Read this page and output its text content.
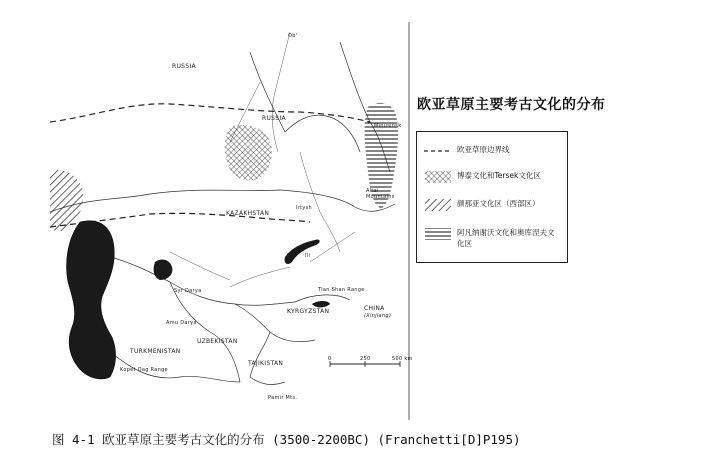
RUSSIA
RUSSIA
KAZAKHSTAN
TURKMENISTAN
UZBEKISTAN
TAJIKISTAN
KYRGYZSTAN	CHINA
(Xinjiang)
Altai
Mountains
Tian Shan Range
Kopet Dag Range
Pamir Mts.
Ob'
Irtysh
Ili
Syr Darya
Amu Darya
Minusinsk
0	250	500 km
欧亚草原主要考古文化的分布
欧亚草原边界线
博泰文化和Tersek文化区
颜那亚文化区（西部区）
阿凡纳谢沃文化和奥库涅夫文化区
图 4-1 欧亚草原主要考古文化的分布 (3500-2200BC) (Franchetti[D]P195)
